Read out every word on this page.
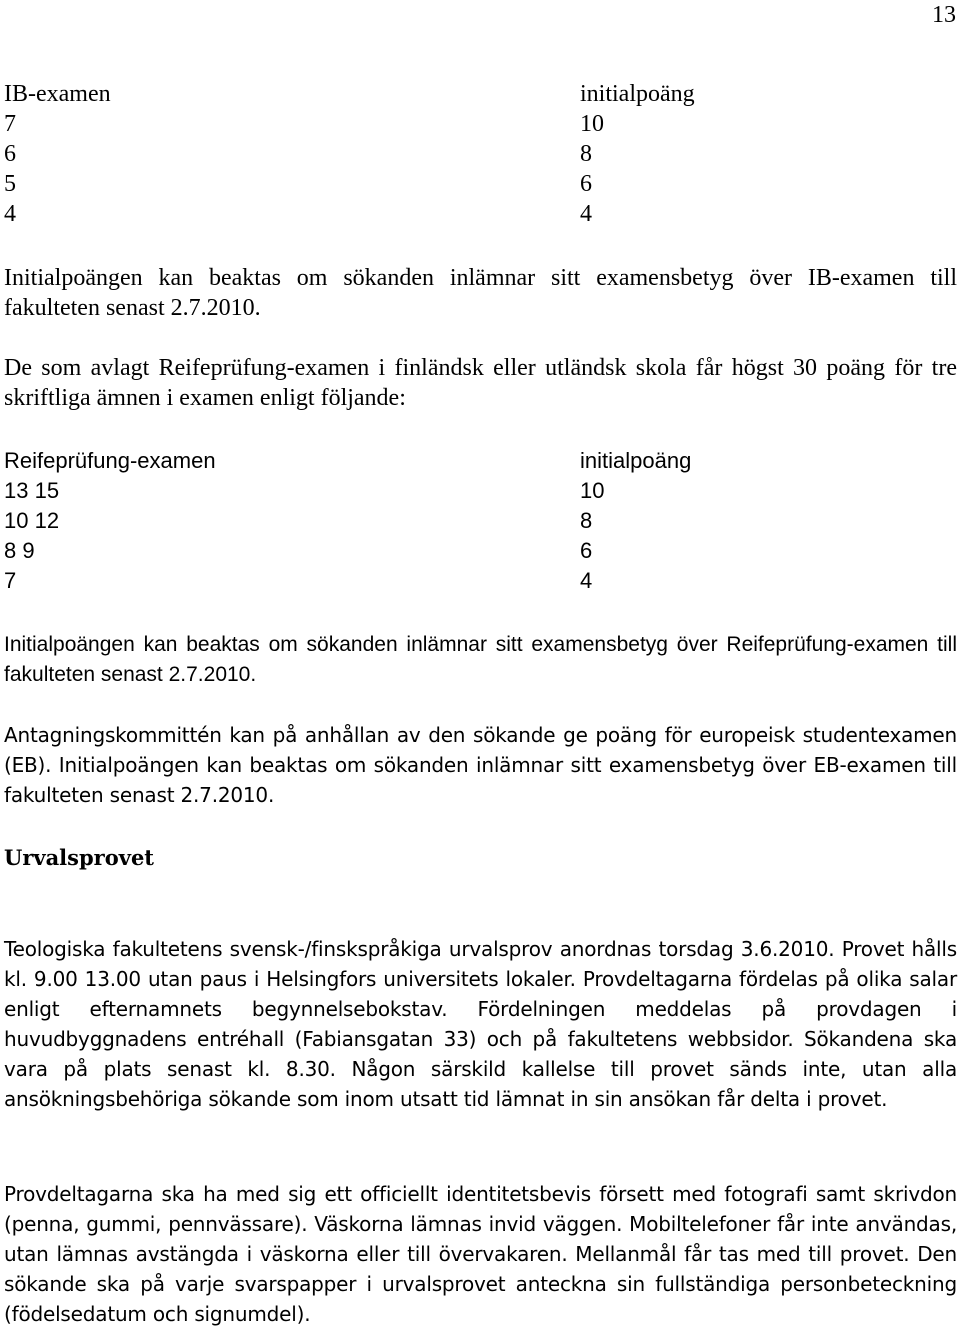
13
IB-examen	initialpoäng
7	10
6	8
5	6
4	4

Initialpoängen kan beaktas om sökanden inlämnar sitt examensbetyg över IB-examen till fakulteten senast 2.7.2010.

De som avlagt Reifeprüfung-examen i finländsk eller utländsk skola får högst 30 poäng för tre skriftliga ämnen i examen enligt följande:

Reifeprüfung-examen	initialpoäng
13 15	10
10 12	8
8 9	6
7	4

Initialpoängen kan beaktas om sökanden inlämnar sitt examensbetyg över Reifeprüfung-examen till fakulteten senast 2.7.2010.

Antagningskommittén kan på anhållan av den sökande ge poäng för europeisk studentexamen (EB). Initialpoängen kan beaktas om sökanden inlämnar sitt examensbetyg över EB-examen till fakulteten senast 2.7.2010.

Urvalsprovet

Teologiska fakultetens svensk-/finskspråkiga urvalsprov anordnas torsdag 3.6.2010. Provet hålls kl. 9.00 13.00 utan paus i Helsingfors universitets lokaler. Provdeltagarna fördelas på olika salar enligt efternamnets begynnelsebokstav. Fördelningen meddelas på provdagen i huvudbyggnadens entréhall (Fabiansgatan 33) och på fakultetens webbsidor. Sökandena ska vara på plats senast kl. 8.30. Någon särskild kallelse till provet sänds inte, utan alla ansökningsbehöriga sökande som inom utsatt tid lämnat in sin ansökan får delta i provet.

Provdeltagarna ska ha med sig ett officiellt identitetsbevis försett med fotografi samt skrivdon (penna, gummi, pennvässare). Väskorna lämnas invid väggen. Mobiltelefoner får inte användas, utan lämnas avstängda i väskorna eller till övervakaren. Mellanmål får tas med till provet. Den sökande ska på varje svarspapper i urvalsprovet anteckna sin fullständiga personbeteckning (födelsedatum och signumdel).
